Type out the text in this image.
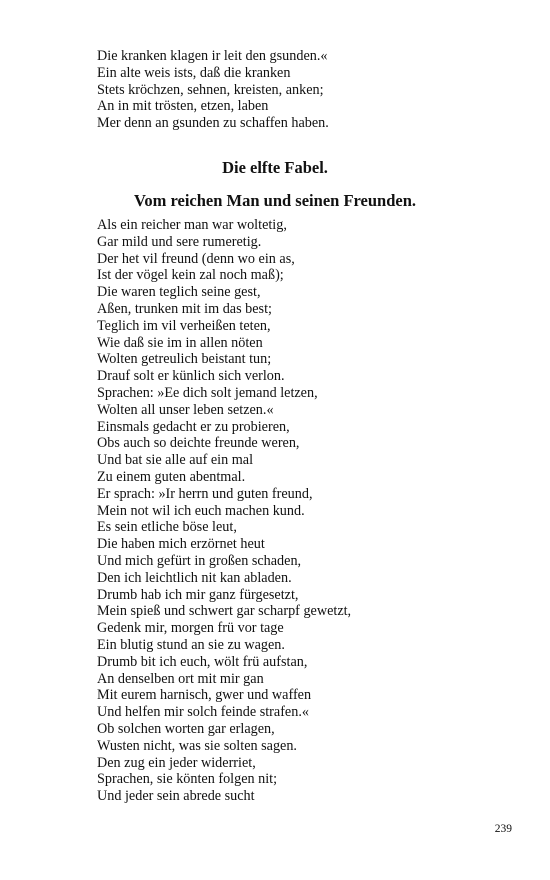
Die kranken klagen ir leit den gsunden.«
Ein alte weis ists, daß die kranken
Stets kröchzen, sehnen, kreisten, anken;
An in mit trösten, etzen, laben
Mer denn an gsunden zu schaffen haben.
Die elfte Fabel.
Vom reichen Man und seinen Freunden.
Als ein reicher man war woltetig,
Gar mild und sere rumeretig.
Der het vil freund (denn wo ein as,
Ist der vögel kein zal noch maß);
Die waren teglich seine gest,
Aßen, trunken mit im das best;
Teglich im vil verheißen teten,
Wie daß sie im in allen nöten
Wolten getreulich beistant tun;
Drauf solt er künlich sich verlon.
Sprachen: »Ee dich solt jemand letzen,
Wolten all unser leben setzen.«
Einsmals gedacht er zu probieren,
Obs auch so deichte freunde weren,
Und bat sie alle auf ein mal
Zu einem guten abentmal.
Er sprach: »Ir herrn und guten freund,
Mein not wil ich euch machen kund.
Es sein etliche böse leut,
Die haben mich erzörnet heut
Und mich gefürt in großen schaden,
Den ich leichtlich nit kan abladen.
Drumb hab ich mir ganz fürgesetzt,
Mein spieß und schwert gar scharpf gewetzt,
Gedenk mir, morgen frü vor tage
Ein blutig stund an sie zu wagen.
Drumb bit ich euch, wölt frü aufstan,
An denselben ort mit mir gan
Mit eurem harnisch, gwer und waffen
Und helfen mir solch feinde strafen.«
Ob solchen worten gar erlagen,
Wusten nicht, was sie solten sagen.
Den zug ein jeder widerriet,
Sprachen, sie könten folgen nit;
Und jeder sein abrede sucht
239
